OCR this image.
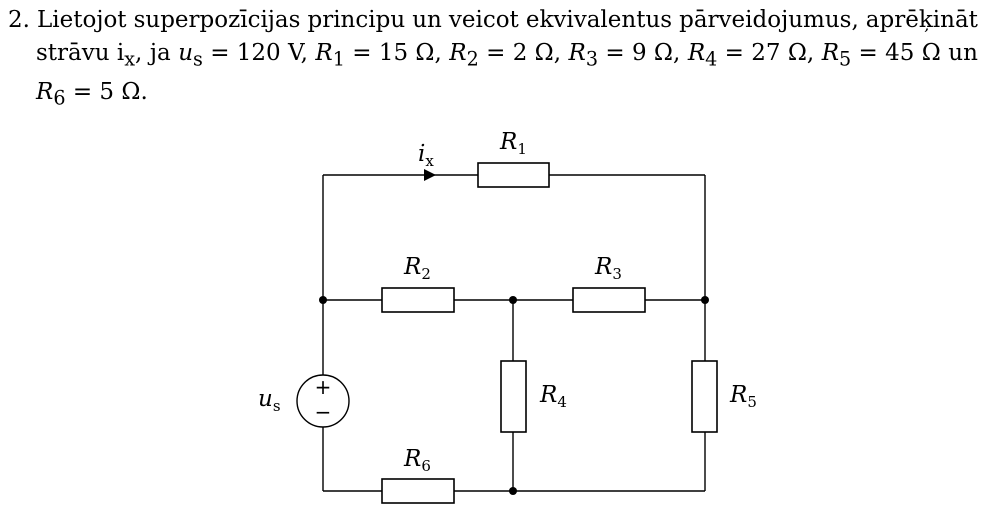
2. Lietojot superpozīcijas principu un veicot ekvivalentus pārveidojumus, aprēķināt
strāvu $i_x$, ja $u_s = 120$ V, $R_1 = 15$ Ω, $R_2 = 2$ Ω, $R_3 = 9$ Ω, $R_4 = 27$ Ω, $R_5 = 45$ Ω un
$R_6 = 5$ Ω.
+
−
ix
us
R1
R2	R3
R4	R5
R6
